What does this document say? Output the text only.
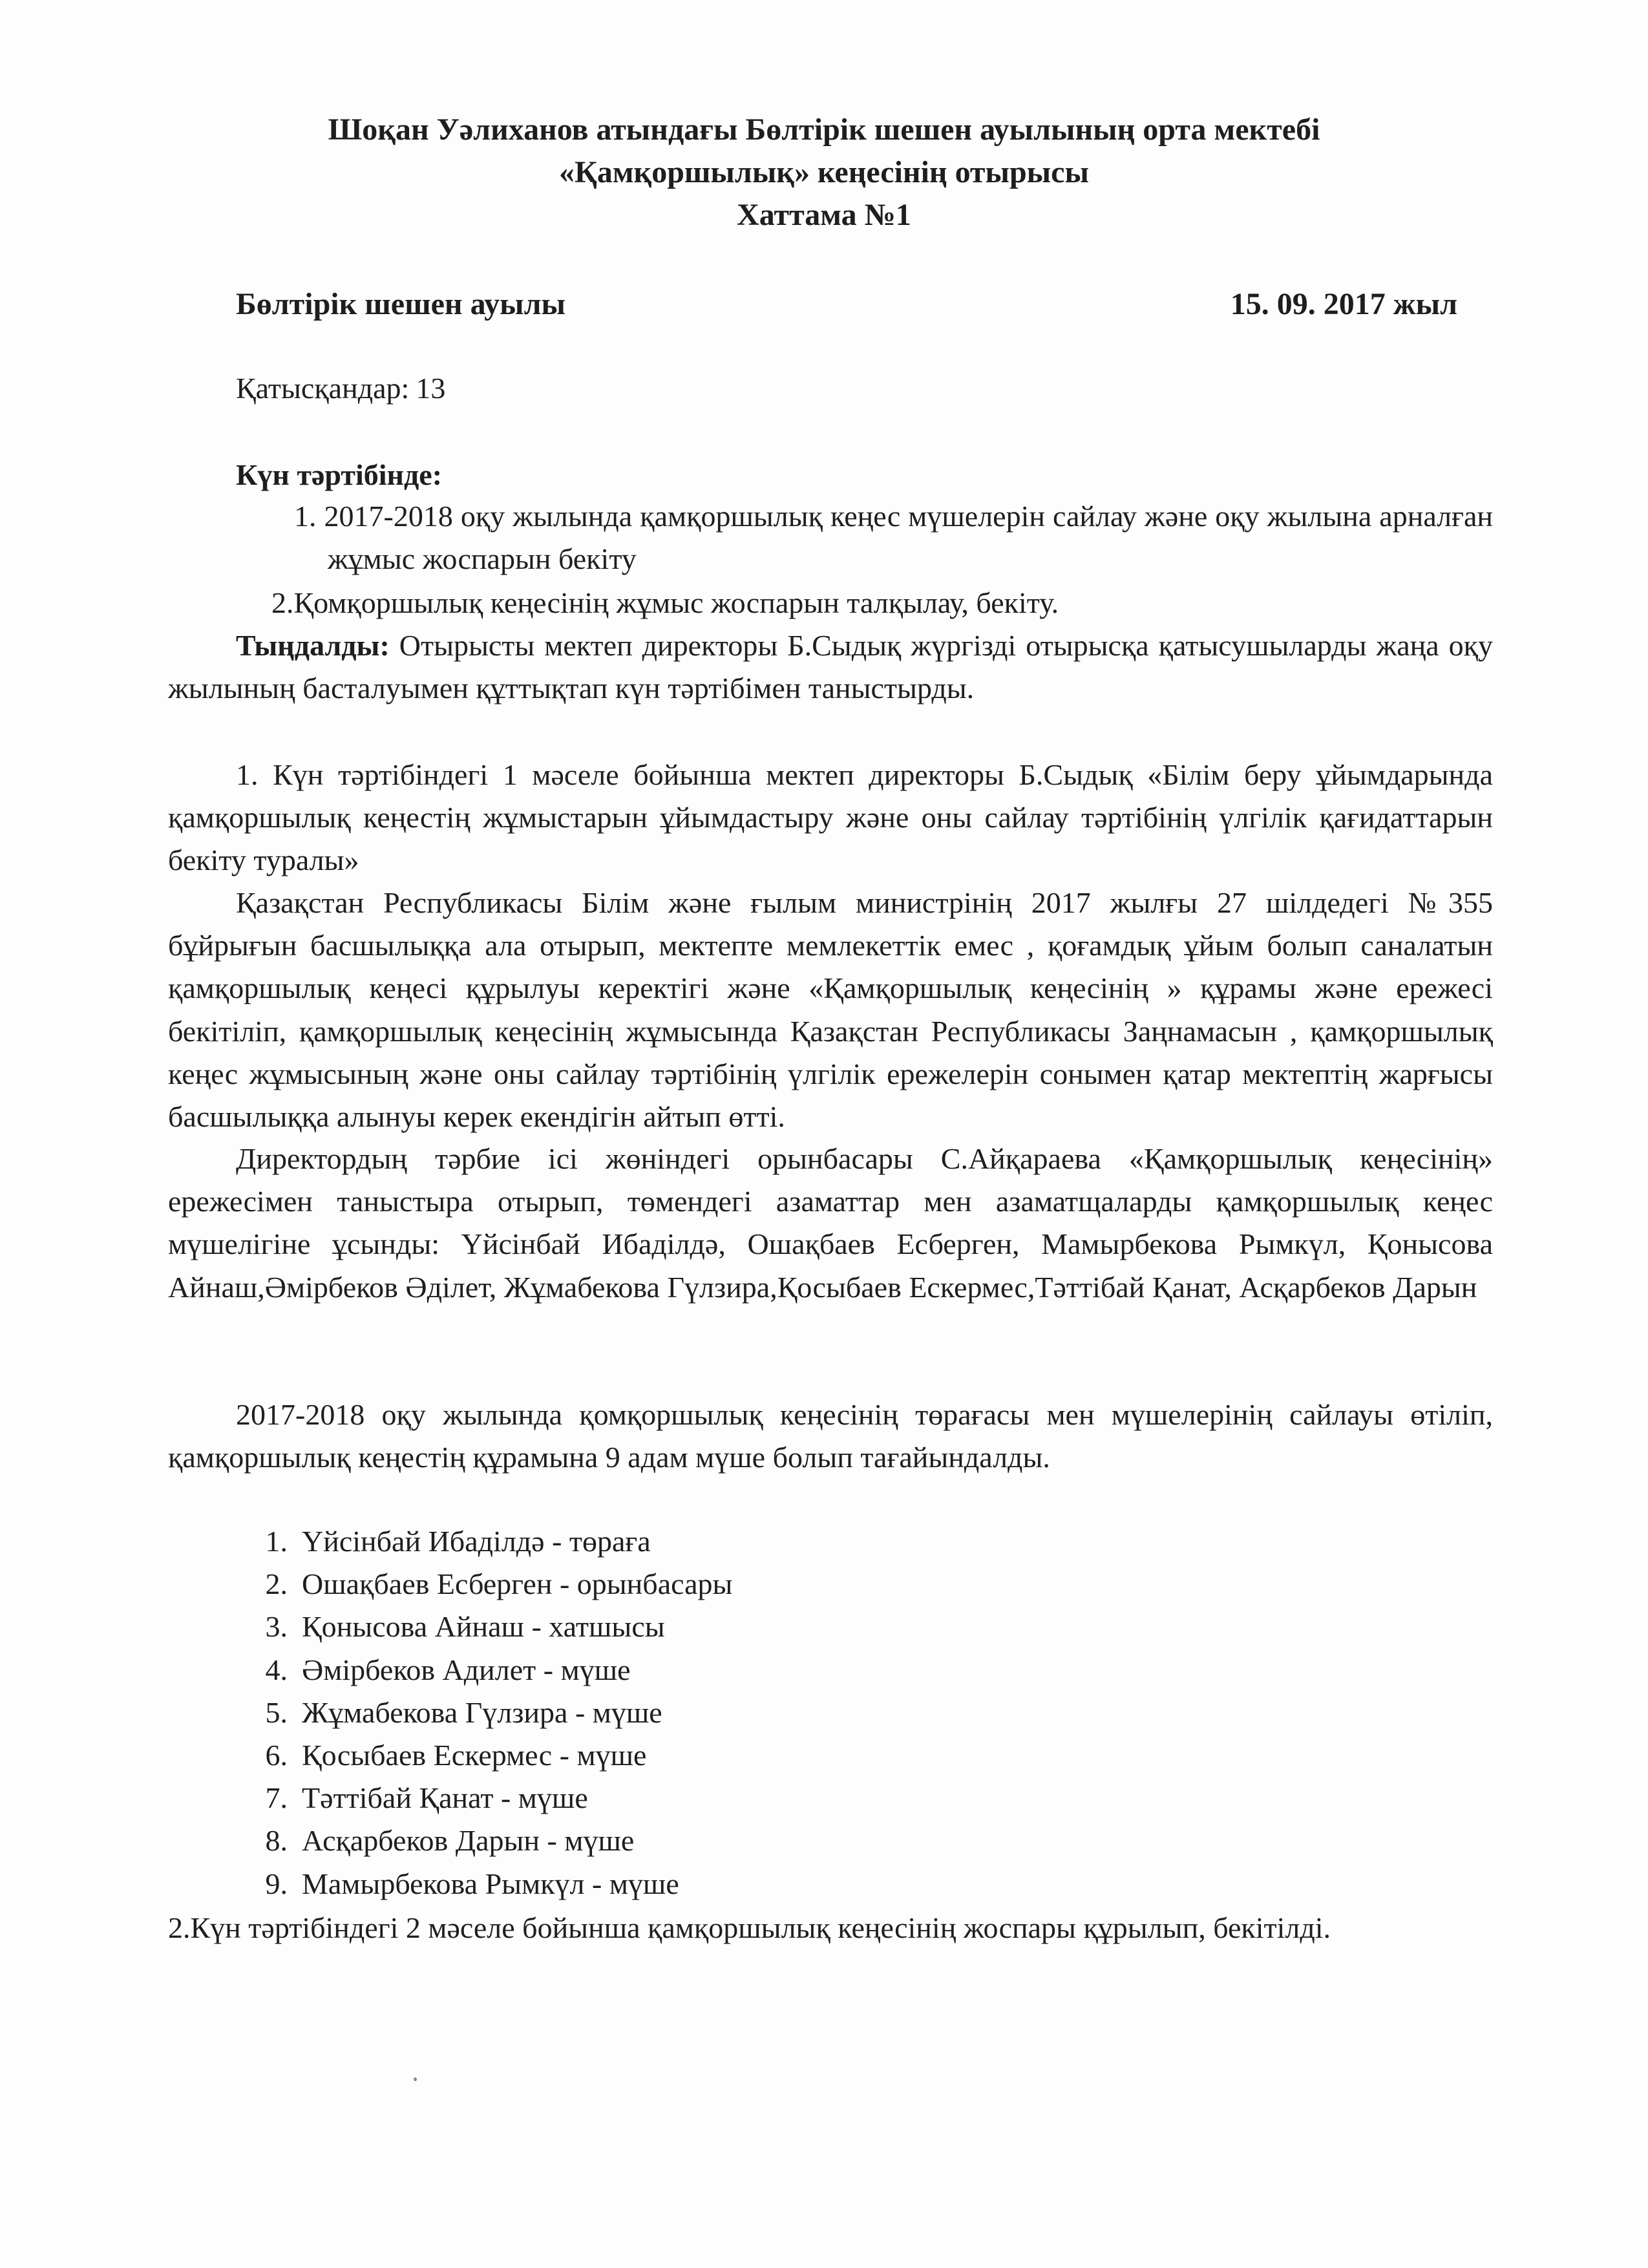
Шоқан Уәлиханов атындағы Бөлтірік шешен ауылының орта мектебі
«Қамқоршылық» кеңесінің отырысы
Хаттама №1
Бөлтірік шешен ауылы	15. 09. 2017 жыл
Қатысқандар: 13
Күн тәртібінде:
1. 2017-2018 оқу жылында қамқоршылық кеңес мүшелерін сайлау және оқу жылына арналған жұмыс жоспарын бекіту
2.Қомқоршылық кеңесінің жұмыс жоспарын талқылау, бекіту.
Тыңдалды: Отырысты мектеп директоры Б.Сыдық жүргізді отырысқа қатысушыларды жаңа оқу жылының басталуымен құттықтап күн тәртібімен таныстырды.
1. Күн тәртібіндегі 1 мәселе бойынша мектеп директоры Б.Сыдық «Білім беру ұйымдарында қамқоршылық кеңестің жұмыстарын ұйымдастыру және оны сайлау тәртібінің үлгілік қағидаттарын бекіту туралы»
Қазақстан Республикасы Білім және ғылым министрінің 2017 жылғы 27 шілдедегі №355 бұйрығын басшылыққа ала отырып, мектепте мемлекеттік емес , қоғамдық ұйым болып саналатын қамқоршылық кеңесі құрылуы керектігі және «Қамқоршылық кеңесінің » құрамы және ережесі бекітіліп, қамқоршылық кеңесінің жұмысында Қазақстан Республикасы Заңнамасын , қамқоршылық кеңес жұмысының және оны сайлау тәртібінің үлгілік ережелерін сонымен қатар мектептің жарғысы басшылыққа алынуы керек екендігін айтып өтті.
Директордың тәрбие ісі жөніндегі орынбасары С.Айқараева «Қамқоршылық кеңесінің» ережесімен таныстыра отырып, төмендегі азаматтар мен азаматщаларды қамқоршылық кеңес мүшелігіне ұсынды: Үйсінбай Ибаділдә, Ошақбаев Есберген, Мамырбекова Рымкүл, Қонысова Айнаш,Әмірбеков Әділет, Жұмабекова Гүлзира,Қосыбаев Ескермес,Тәттібай Қанат, Асқарбеков Дарын
2017-2018 оқу жылында қомқоршылық кеңесінің төрағасы мен мүшелерінің сайлауы өтіліп, қамқоршылық кеңестің құрамына 9 адам мүше болып тағайындалды.
1. Үйсінбай Ибаділдә - төраға
2. Ошақбаев Есберген - орынбасары
3. Қонысова Айнаш - хатшысы
4. Әмірбеков Адилет - мүше
5. Жұмабекова Гүлзира - мүше
6. Қосыбаев Ескермес - мүше
7. Тәттібай Қанат - мүше
8. Асқарбеков Дарын - мүше
9. Мамырбекова Рымкүл - мүше
2.Күн тәртібіндегі 2 мәселе бойынша қамқоршылық кеңесінің жоспары құрылып, бекітілді.
